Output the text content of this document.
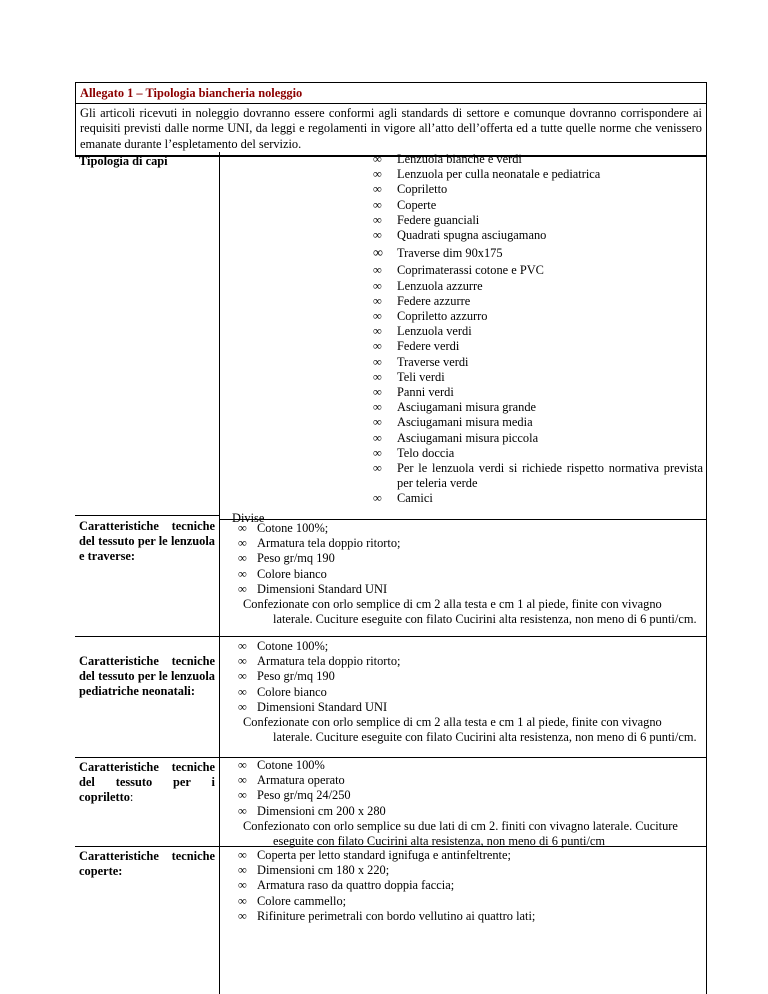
Allegato 1 – Tipologia biancheria noleggio
Gli articoli ricevuti in noleggio dovranno essere conformi agli standards di settore e comunque dovranno corrispondere ai requisiti previsti dalle norme UNI, da leggi e regolamenti in vigore all’atto dell’offerta ed a tutte quelle norme che venissero emanate durante l’espletamento del servizio.
Tipologia di capi
Caratteristiche tecniche del tessuto per le lenzuola e traverse:
Caratteristiche tecniche del tessuto per le lenzuola pediatriche neonatali:
Caratteristiche tecniche del tessuto per i copriletto:
Caratteristiche tecniche coperte:
∞ Lenzuola bianche e verdi
∞ Lenzuola per culla neonatale e pediatrica
∞ Copriletto
∞ Coperte
∞ Federe guanciali
∞ Quadrati spugna asciugamano
∞ Traverse dim 90x175
∞ Coprimaterassi cotone e PVC
∞ Lenzuola azzurre
∞ Federe azzurre
∞ Copriletto azzurro
∞ Lenzuola verdi
∞ Federe verdi
∞ Traverse verdi
∞ Teli verdi
∞ Panni verdi
∞ Asciugamani misura grande
∞ Asciugamani misura media
∞ Asciugamani misura piccola
∞ Telo doccia
∞ Per le lenzuola verdi si richiede rispetto normativa prevista per teleria verde
∞ Camici
Divise
∞ Cotone 100%;
∞ Armatura tela doppio ritorto;
∞ Peso gr/mq 190
∞ Colore bianco
∞ Dimensioni Standard UNI
Confezionate con orlo semplice di cm 2 alla testa e cm 1 al piede, finite con vivagno
laterale. Cuciture eseguite con filato Cucirini alta resistenza, non meno di 6 punti/cm.
∞ Cotone 100%;
∞ Armatura tela doppio ritorto;
∞ Peso gr/mq 190
∞ Colore bianco
∞ Dimensioni Standard UNI
Confezionate con orlo semplice di cm 2 alla testa e cm 1 al piede, finite con vivagno
laterale. Cuciture eseguite con filato Cucirini alta resistenza, non meno di 6 punti/cm.
∞ Cotone 100%
∞ Armatura operato
∞ Peso gr/mq 24/250
∞ Dimensioni cm 200 x 280
Confezionato con orlo semplice su due lati di cm 2. finiti con vivagno laterale. Cuciture
eseguite con filato Cucirini alta resistenza, non meno di 6 punti/cm
∞ Coperta per letto standard ignifuga e antinfeltrente;
∞ Dimensioni cm 180 x 220;
∞ Armatura raso da quattro doppia faccia;
∞ Colore cammello;
∞ Rifiniture perimetrali con bordo vellutino ai quattro lati;
